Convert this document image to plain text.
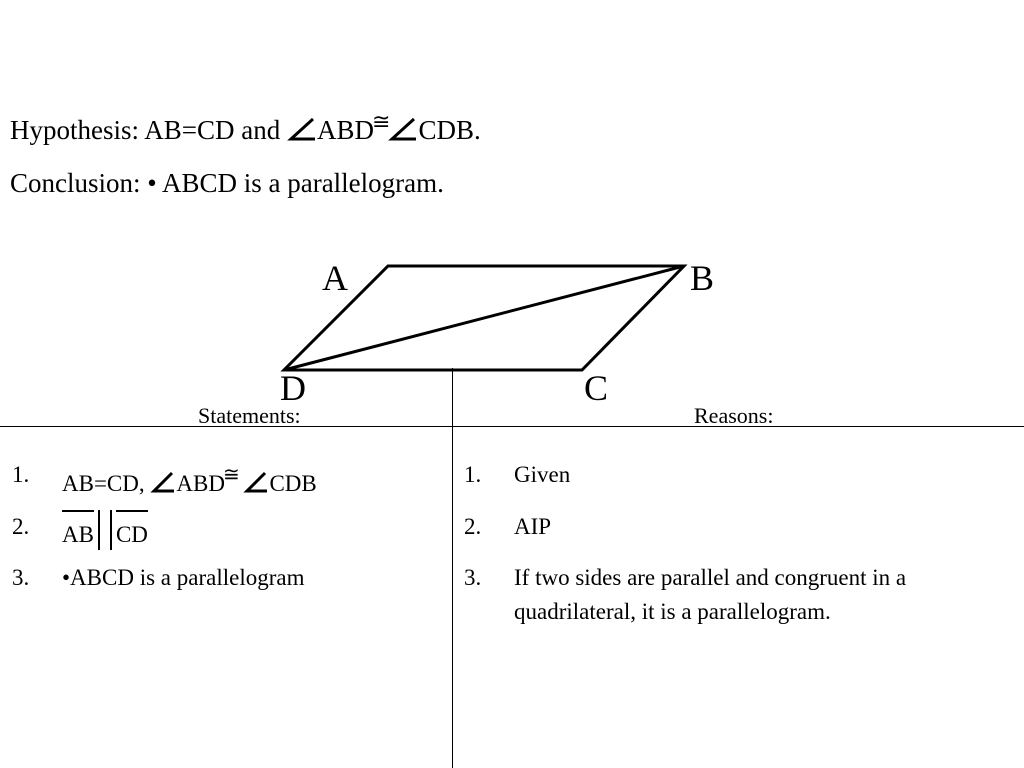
Hypothesis: AB=CD and
ABD≅ CDB.
Conclusion: • ABCD is a parallelogram.
A	B
C
D
Statements:	Reasons:
1. AB=CD,
ABD≅ CDB
2. AB CD
3. •ABCD is a parallelogram
1. Given
2. AIP
3. If two sides are parallel and congruent in a quadrilateral, it is a parallelogram.
